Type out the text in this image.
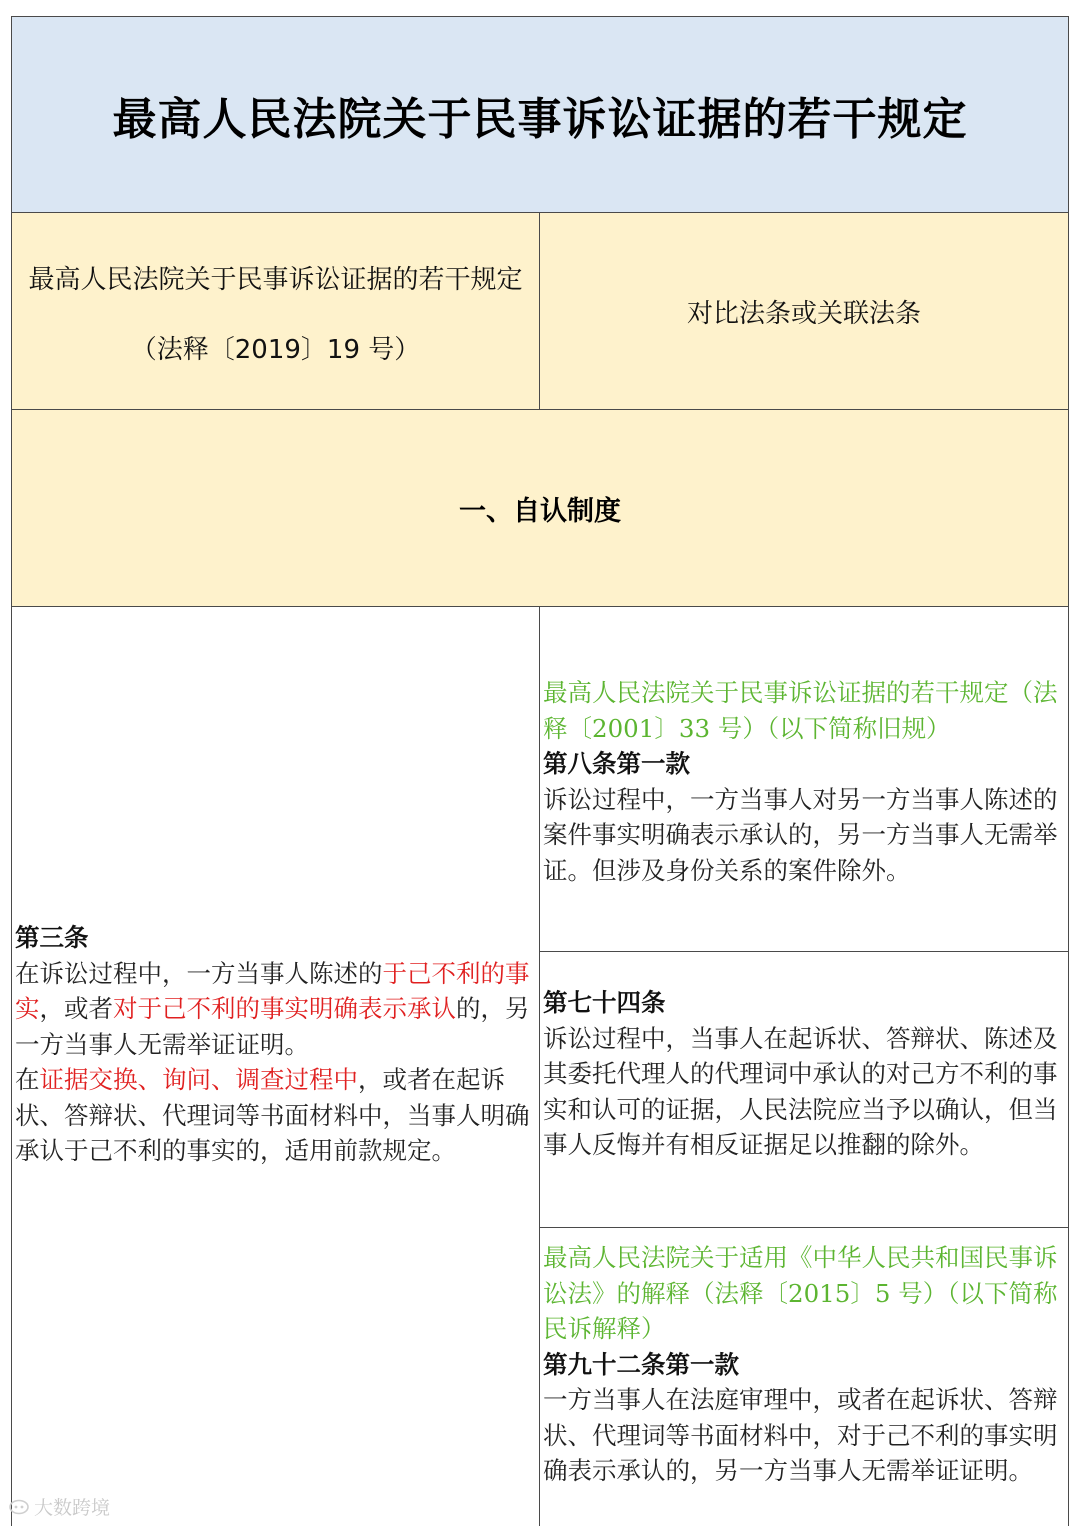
最高人民法院关于民事诉讼证据的若干规定
最高人民法院关于民事诉讼证据的若干规定
（法释〔2019〕19 号）
对比法条或关联法条
一、自认制度
第三条
在诉讼过程中，一方当事人陈述的于己不利的事实，或者对于己不利的事实明确表示承认的，另一方当事人无需举证证明。
在证据交换、询问、调查过程中，或者在起诉状、答辩状、代理词等书面材料中，当事人明确承认于己不利的事实的，适用前款规定。
最高人民法院关于民事诉讼证据的若干规定（法释〔2001〕33 号）（以下简称旧规）
第八条第一款
诉讼过程中，一方当事人对另一方当事人陈述的案件事实明确表示承认的，另一方当事人无需举证。但涉及身份关系的案件除外。
第七十四条
诉讼过程中，当事人在起诉状、答辩状、陈述及其委托代理人的代理词中承认的对己方不利的事实和认可的证据，人民法院应当予以确认，但当事人反悔并有相反证据足以推翻的除外。
最高人民法院关于适用《中华人民共和国民事诉讼法》的解释（法释〔2015〕5 号）（以下简称民诉解释）
第九十二条第一款
一方当事人在法庭审理中，或者在起诉状、答辩状、代理词等书面材料中，对于己不利的事实明确表示承认的，另一方当事人无需举证证明。
大数跨境
